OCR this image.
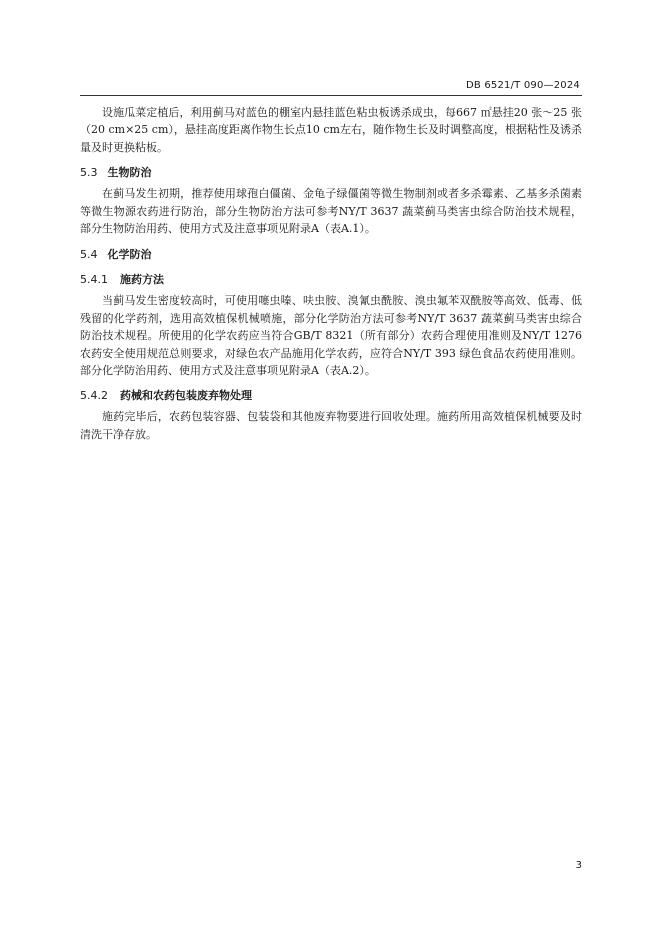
DB 6521/T 090—2024

设施瓜菜定植后，利用蓟马对蓝色的棚室内悬挂蓝色粘虫板诱杀成虫，每667 ㎡悬挂20 张～25 张（20 cm×25 cm），悬挂高度距离作物生长点10 cm左右，随作物生长及时调整高度，根据粘性及诱杀量及时更换粘板。

5.3 生物防治

在蓟马发生初期，推荐使用球孢白僵菌、金龟子绿僵菌等微生物制剂或者多杀霉素、乙基多杀菌素等微生物源农药进行防治，部分生物防治方法可参考NY/T 3637 蔬菜蓟马类害虫综合防治技术规程，部分生物防治用药、使用方式及注意事项见附录A（表A.1）。

5.4 化学防治
5.4.1 施药方法

当蓟马发生密度较高时，可使用噻虫嗪、呋虫胺、溴氰虫酰胺、溴虫氟苯双酰胺等高效、低毒、低残留的化学药剂，选用高效植保机械喷施，部分化学防治方法可参考NY/T 3637 蔬菜蓟马类害虫综合防治技术规程。所使用的化学农药应当符合GB/T 8321（所有部分）农药合理使用准则及NY/T 1276 农药安全使用规范总则要求，对绿色农产品施用化学农药，应符合NY/T 393 绿色食品农药使用准则。部分化学防治用药、使用方式及注意事项见附录A（表A.2）。

5.4.2 药械和农药包装废弃物处理

施药完毕后，农药包装容器、包装袋和其他废弃物要进行回收处理。施药所用高效植保机械要及时清洗干净存放。

3
